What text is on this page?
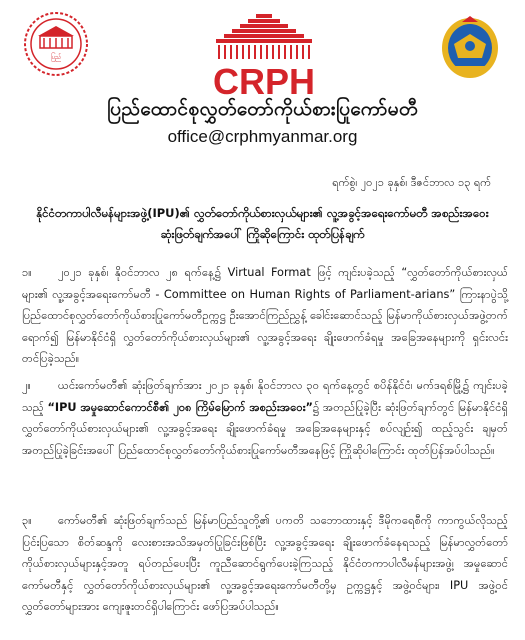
ပြည်
CRPH
ပြည်ထောင်စုလွှတ်တော်ကိုယ်စားပြုကော်မတီ
office@crphmyanmar.org
ရက်စွဲ၊ ၂၀၂၁ ခုနှစ်၊ ဒီဇင်ဘာလ ၁၃ ရက်
နိုင်ငံတကာပါလီမန်များအဖွဲ့(IPU)၏ လွှတ်တော်ကိုယ်စားလှယ်များ၏ လူ့အခွင့်အရေးကော်မတီ အစည်းအဝေးဆုံးဖြတ်ချက်အပေါ် ကြိုဆိုကြောင်း ထုတ်ပြန်ချက်
၁။ ၂၀၂၁ ခုနှစ်၊ နိုဝင်ဘာလ ၂၈ ရက်နေ့၌ Virtual Format ဖြင့် ကျင်းပခဲ့သည့် “လွှတ်တော်ကိုယ်စားလှယ်များ၏ လူ့အခွင့်အရေးကော်မတီ - Committee on Human Rights of Parliament-arians” ကြားနာပွဲသို့ ပြည်ထောင်စုလွှတ်တော်ကိုယ်စားပြုကော်မတီဥက္ကဋ္ဌ ဦးအောင်ကြည်ညွှန့် ခေါင်းဆောင်သည့် မြန်မာကိုယ်စားလှယ်အဖွဲ့တက်ရောက်၍ မြန်မာနိုင်ငံရှိ လွှတ်တော်ကိုယ်စားလှယ်များ၏ လူ့အခွင့်အရေး ချိုးဖောက်ခံရမှု အခြေအနေများကို ရှင်းလင်းတင်ပြခဲ့သည်။
၂။ ယင်းကော်မတီ၏ ဆုံးဖြတ်ချက်အား ၂၀၂၁ ခုနှစ်၊ နိုဝင်ဘာလ ၃၀ ရက်နေ့တွင် စပိန်နိုင်ငံ၊ မက်ဒရစ်မြို့၌ ကျင်းပခဲ့သည့် “IPU အမှုဆောင်ကောင်စီ၏ ၂၀၈ ကြိမ်မြောက် အစည်းအဝေး”၌ အတည်ပြုခဲ့ပြီး ဆုံးဖြတ်ချက်တွင် မြန်မာနိုင်ငံရှိ လွှတ်တော်ကိုယ်စားလှယ်များ၏ လူ့အခွင့်အရေး ချိုးဖောက်ခံရမှု အခြေအနေများနှင့် စပ်လျဉ်း၍ ထည့်သွင်း ချမှတ်အတည်ပြုခဲ့ခြင်းအပေါ် ပြည်ထောင်စုလွှတ်တော်ကိုယ်စားပြုကော်မတီအနေဖြင့် ကြိုဆိုပါကြောင်း ထုတ်ပြန်အပ်ပါသည်။
၃။ ကော်မတီ၏ ဆုံးဖြတ်ချက်သည် မြန်မာပြည်သူတို့၏ ပကတိ သဘောထားနှင့် ဒီမိုကရေစီကို ကာကွယ်လိုသည့် ပြင်းပြသော စိတ်ဆန္ဒကို လေးစားအသိအမှတ်ပြုခြင်းဖြစ်ပြီး လူ့အခွင့်အရေး ချိုးဖောက်ခံနေရသည့် မြန်မာလွှတ်တော်ကိုယ်စားလှယ်များနှင့်အတူ ရပ်တည်ပေးပြီး ကူညီဆောင်ရွက်ပေးခဲ့ကြသည့် နိုင်ငံတကာပါလီမန်များအဖွဲ့၊ အမှုဆောင်ကော်မတီနှင့် လွှတ်တော်ကိုယ်စားလှယ်များ၏ လူ့အခွင့်အရေးကော်မတီတို့မှ ဥက္ကဋ္ဌနှင့် အဖွဲ့ဝင်များ၊ IPU အဖွဲ့ဝင်လွှတ်တော်များအား ကျေးဇူးတင်ရှိပါကြောင်း ဖော်ပြအပ်ပါသည်။
